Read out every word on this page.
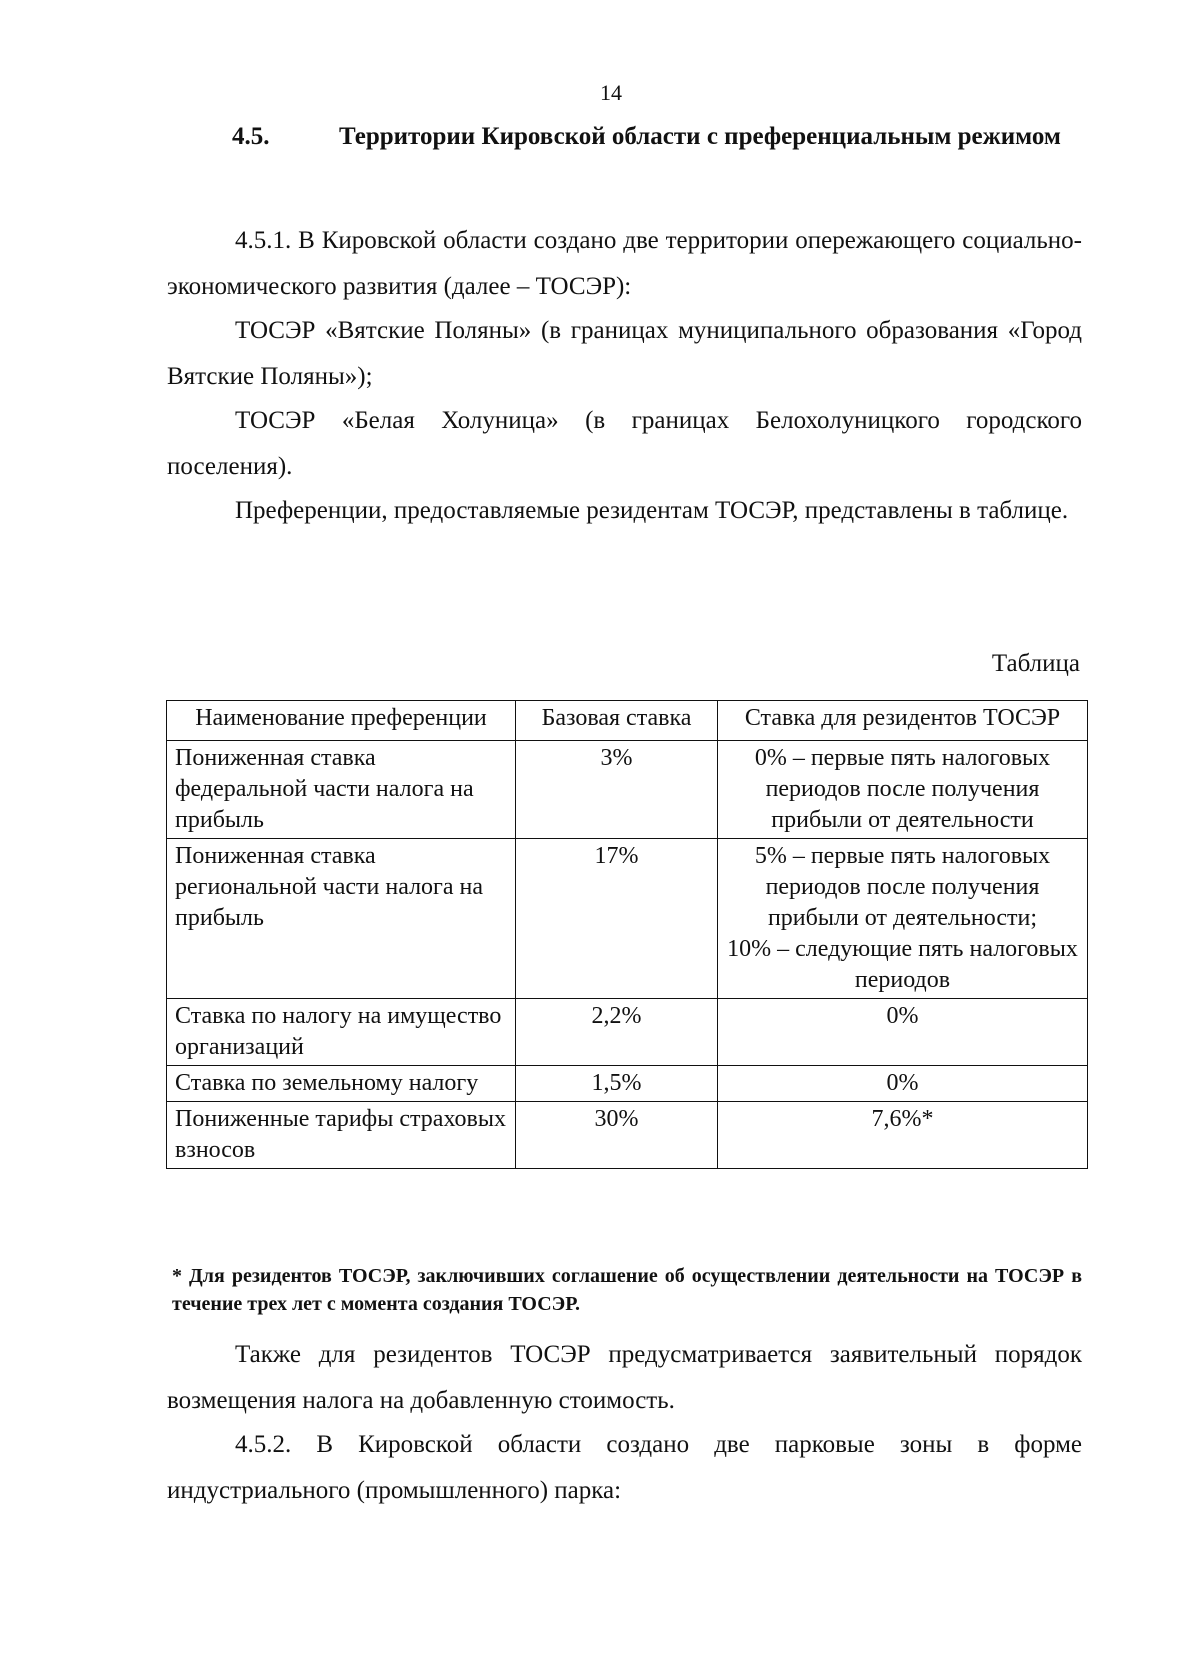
14
4.5.	Территории Кировской области с преференциальным режимом

4.5.1. В Кировской области создано две территории опережающего социально-экономического развития (далее – ТОСЭР):

ТОСЭР «Вятские Поляны» (в границах муниципального образования «Город Вятские Поляны»);

ТОСЭР «Белая Холуница» (в границах Белохолуницкого городского поселения).

Преференции, предоставляемые резидентам ТОСЭР, представлены в таблице.

Таблица
Наименование преференции	Базовая ставка	Ставка для резидентов ТОСЭР
Пониженная ставка федеральной части налога на прибыль	3%	0% – первые пять налоговых периодов после получения прибыли от деятельности

Пониженная ставка региональной части налога на прибыль	17%	5% – первые пять налоговых периодов после получения прибыли от деятельности;
10% – следующие пять налоговых периодов

Ставка по налогу на имущество организаций	2,2%	0%

Ставка по земельному налогу	1,5%	0%

Пониженные тарифы страховых взносов	30%	7,6%*
* Для резидентов ТОСЭР, заключивших соглашение об осуществлении деятельности на ТОСЭР в течение трех лет с момента создания ТОСЭР.

Также для резидентов ТОСЭР предусматривается заявительный порядок возмещения налога на добавленную стоимость.

4.5.2. В Кировской области создано две парковые зоны в форме индустриального (промышленного) парка:
